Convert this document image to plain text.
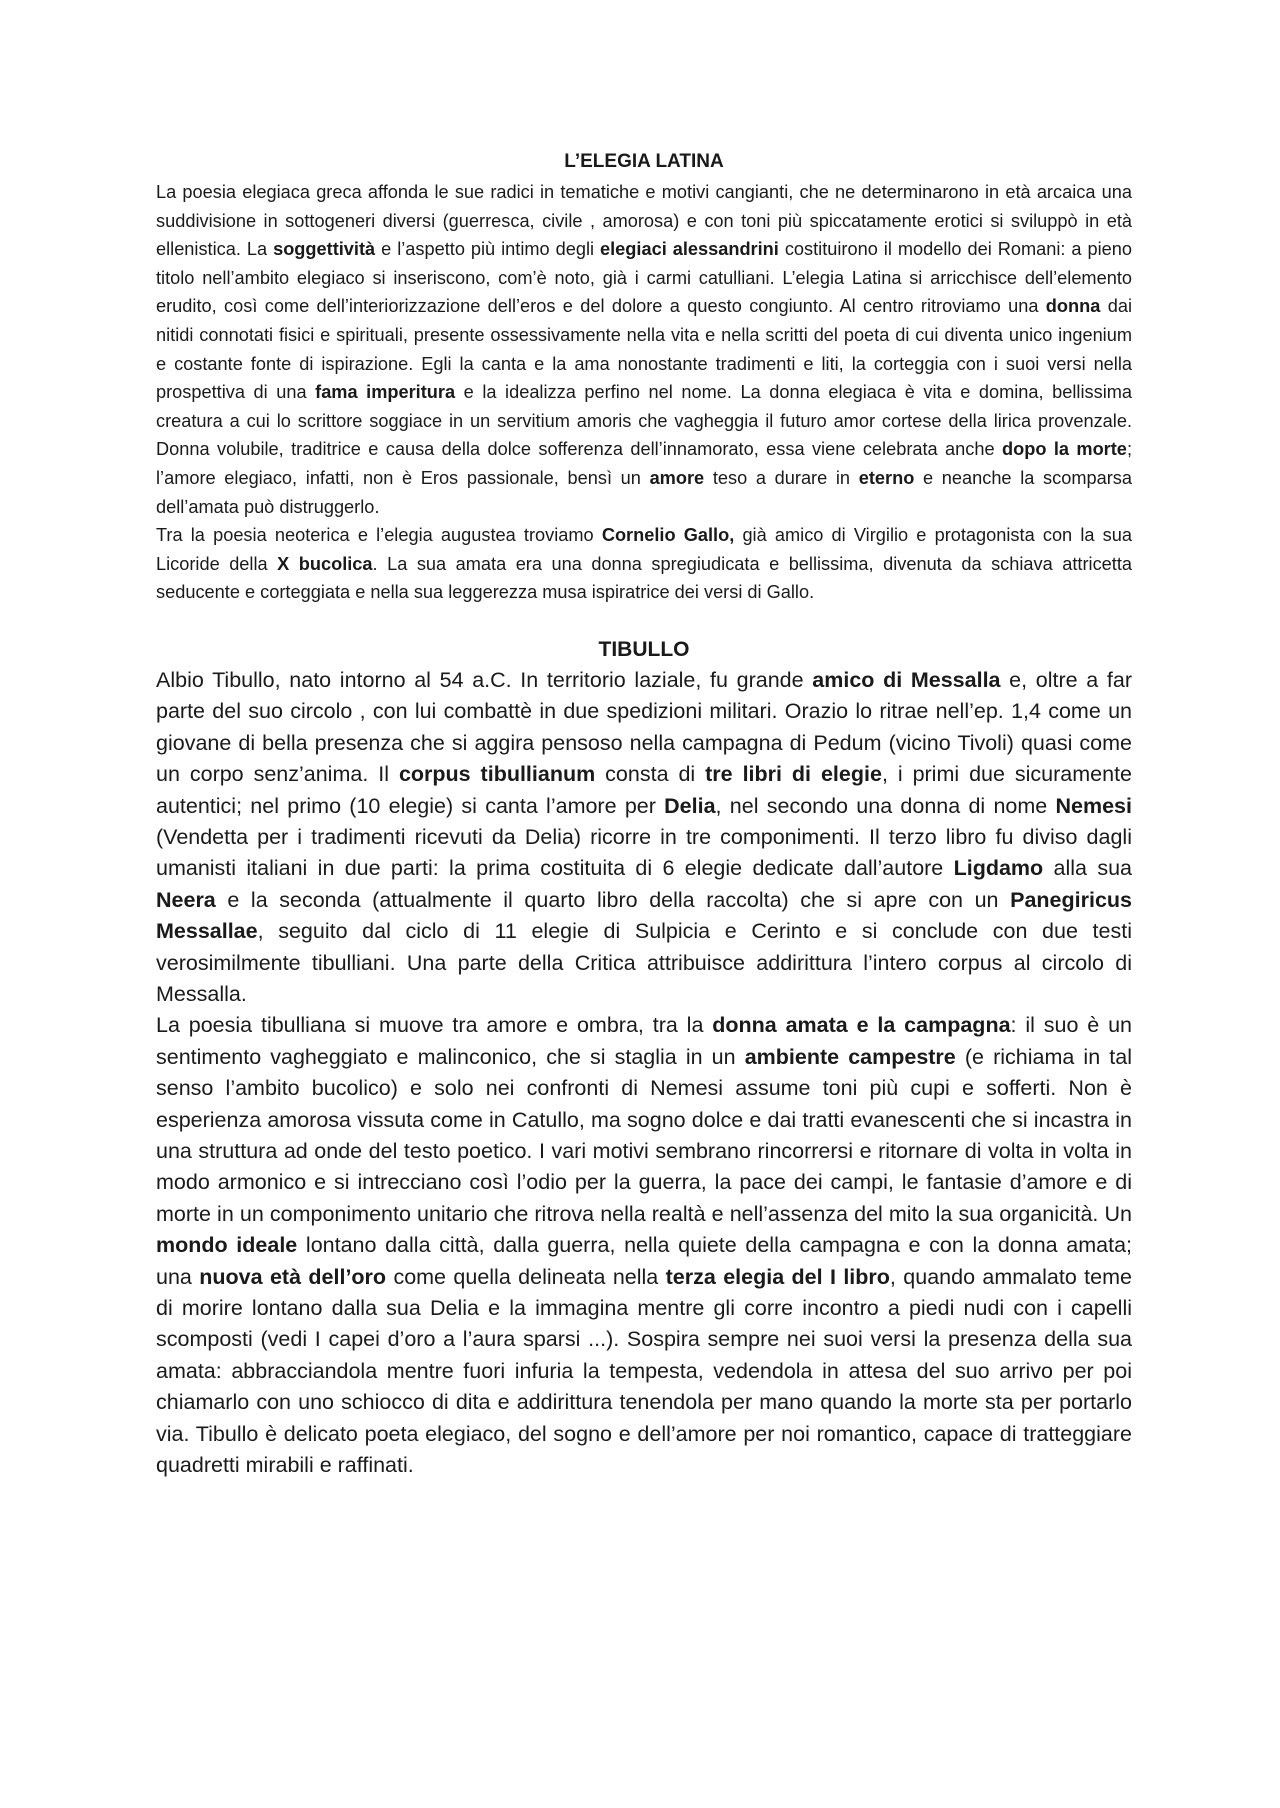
L’ELEGIA LATINA

La poesia elegiaca greca affonda le sue radici in tematiche e motivi cangianti, che ne determinarono in età arcaica una suddivisione in sottogeneri diversi (guerresca, civile , amorosa) e con toni più spiccatamente erotici si sviluppò in età ellenistica. La soggettività e l’aspetto più intimo degli elegiaci alessandrini costituirono il modello dei Romani: a pieno titolo nell’ambito elegiaco si inseriscono, com’è noto, già i carmi catulliani. L’elegia Latina si arricchisce dell’elemento erudito, così come dell’interiorizzazione dell’eros e del dolore a questo congiunto. Al centro ritroviamo una donna dai nitidi connotati fisici e spirituali, presente ossessivamente nella vita e nella scritti del poeta di cui diventa unico ingenium e costante fonte di ispirazione. Egli la canta e la ama nonostante tradimenti e liti, la corteggia con i suoi versi nella prospettiva di una fama imperitura e la idealizza perfino nel nome. La donna elegiaca è vita e domina, bellissima creatura a cui lo scrittore soggiace in un servitium amoris che vagheggia il futuro amor cortese della lirica provenzale. Donna volubile, traditrice e causa della dolce sofferenza dell’innamorato, essa viene celebrata anche dopo la morte; l’amore elegiaco, infatti, non è Eros passionale, bensì un amore teso a durare in eterno e neanche la scomparsa dell’amata può distruggerlo.

Tra la poesia neoterica e l’elegia augustea troviamo Cornelio Gallo, già amico di Virgilio e protagonista con la sua Licoride della X bucolica. La sua amata era una donna spregiudicata e bellissima, divenuta da schiava attricetta seducente e corteggiata e nella sua leggerezza musa ispiratrice dei versi di Gallo.

TIBULLO

Albio Tibullo, nato intorno al 54 a.C. In territorio laziale, fu grande amico di Messalla e, oltre a far parte del suo circolo , con lui combattè in due spedizioni militari. Orazio lo ritrae nell’ep. 1,4 come un giovane di bella presenza che si aggira pensoso nella campagna di Pedum (vicino Tivoli) quasi come un corpo senz’anima. Il corpus tibullianum consta di tre libri di elegie, i primi due sicuramente autentici; nel primo (10 elegie) si canta l’amore per Delia, nel secondo una donna di nome Nemesi (Vendetta per i tradimenti ricevuti da Delia) ricorre in tre componimenti. Il terzo libro fu diviso dagli umanisti italiani in due parti: la prima costituita di 6 elegie dedicate dall’autore Ligdamo alla sua Neera e la seconda (attualmente il quarto libro della raccolta) che si apre con un Panegiricus Messallae, seguito dal ciclo di 11 elegie di Sulpicia e Cerinto e si conclude con due testi verosimilmente tibulliani. Una parte della Critica attribuisce addirittura l’intero corpus al circolo di Messalla.

La poesia tibulliana si muove tra amore e ombra, tra la donna amata e la campagna: il suo è un sentimento vagheggiato e malinconico, che si staglia in un ambiente campestre (e richiama in tal senso l’ambito bucolico) e solo nei confronti di Nemesi assume toni più cupi e sofferti. Non è esperienza amorosa vissuta come in Catullo, ma sogno dolce e dai tratti evanescenti che si incastra in una struttura ad onde del testo poetico. I vari motivi sembrano rincorrersi e ritornare di volta in volta in modo armonico e si intrecciano così l’odio per la guerra, la pace dei campi, le fantasie d’amore e di morte in un componimento unitario che ritrova nella realtà e nell’assenza del mito la sua organicità. Un mondo ideale lontano dalla città, dalla guerra, nella quiete della campagna e con la donna amata; una nuova età dell’oro come quella delineata nella terza elegia del I libro, quando ammalato teme di morire lontano dalla sua Delia e la immagina mentre gli corre incontro a piedi nudi con i capelli scomposti (vedi I capei d’oro a l’aura sparsi ...). Sospira sempre nei suoi versi la presenza della sua amata: abbracciandola mentre fuori infuria la tempesta, vedendola in attesa del suo arrivo per poi chiamarlo con uno schiocco di dita e addirittura tenendola per mano quando la morte sta per portarlo via. Tibullo è delicato poeta elegiaco, del sogno e dell’amore per noi romantico, capace di tratteggiare quadretti mirabili e raffinati.
